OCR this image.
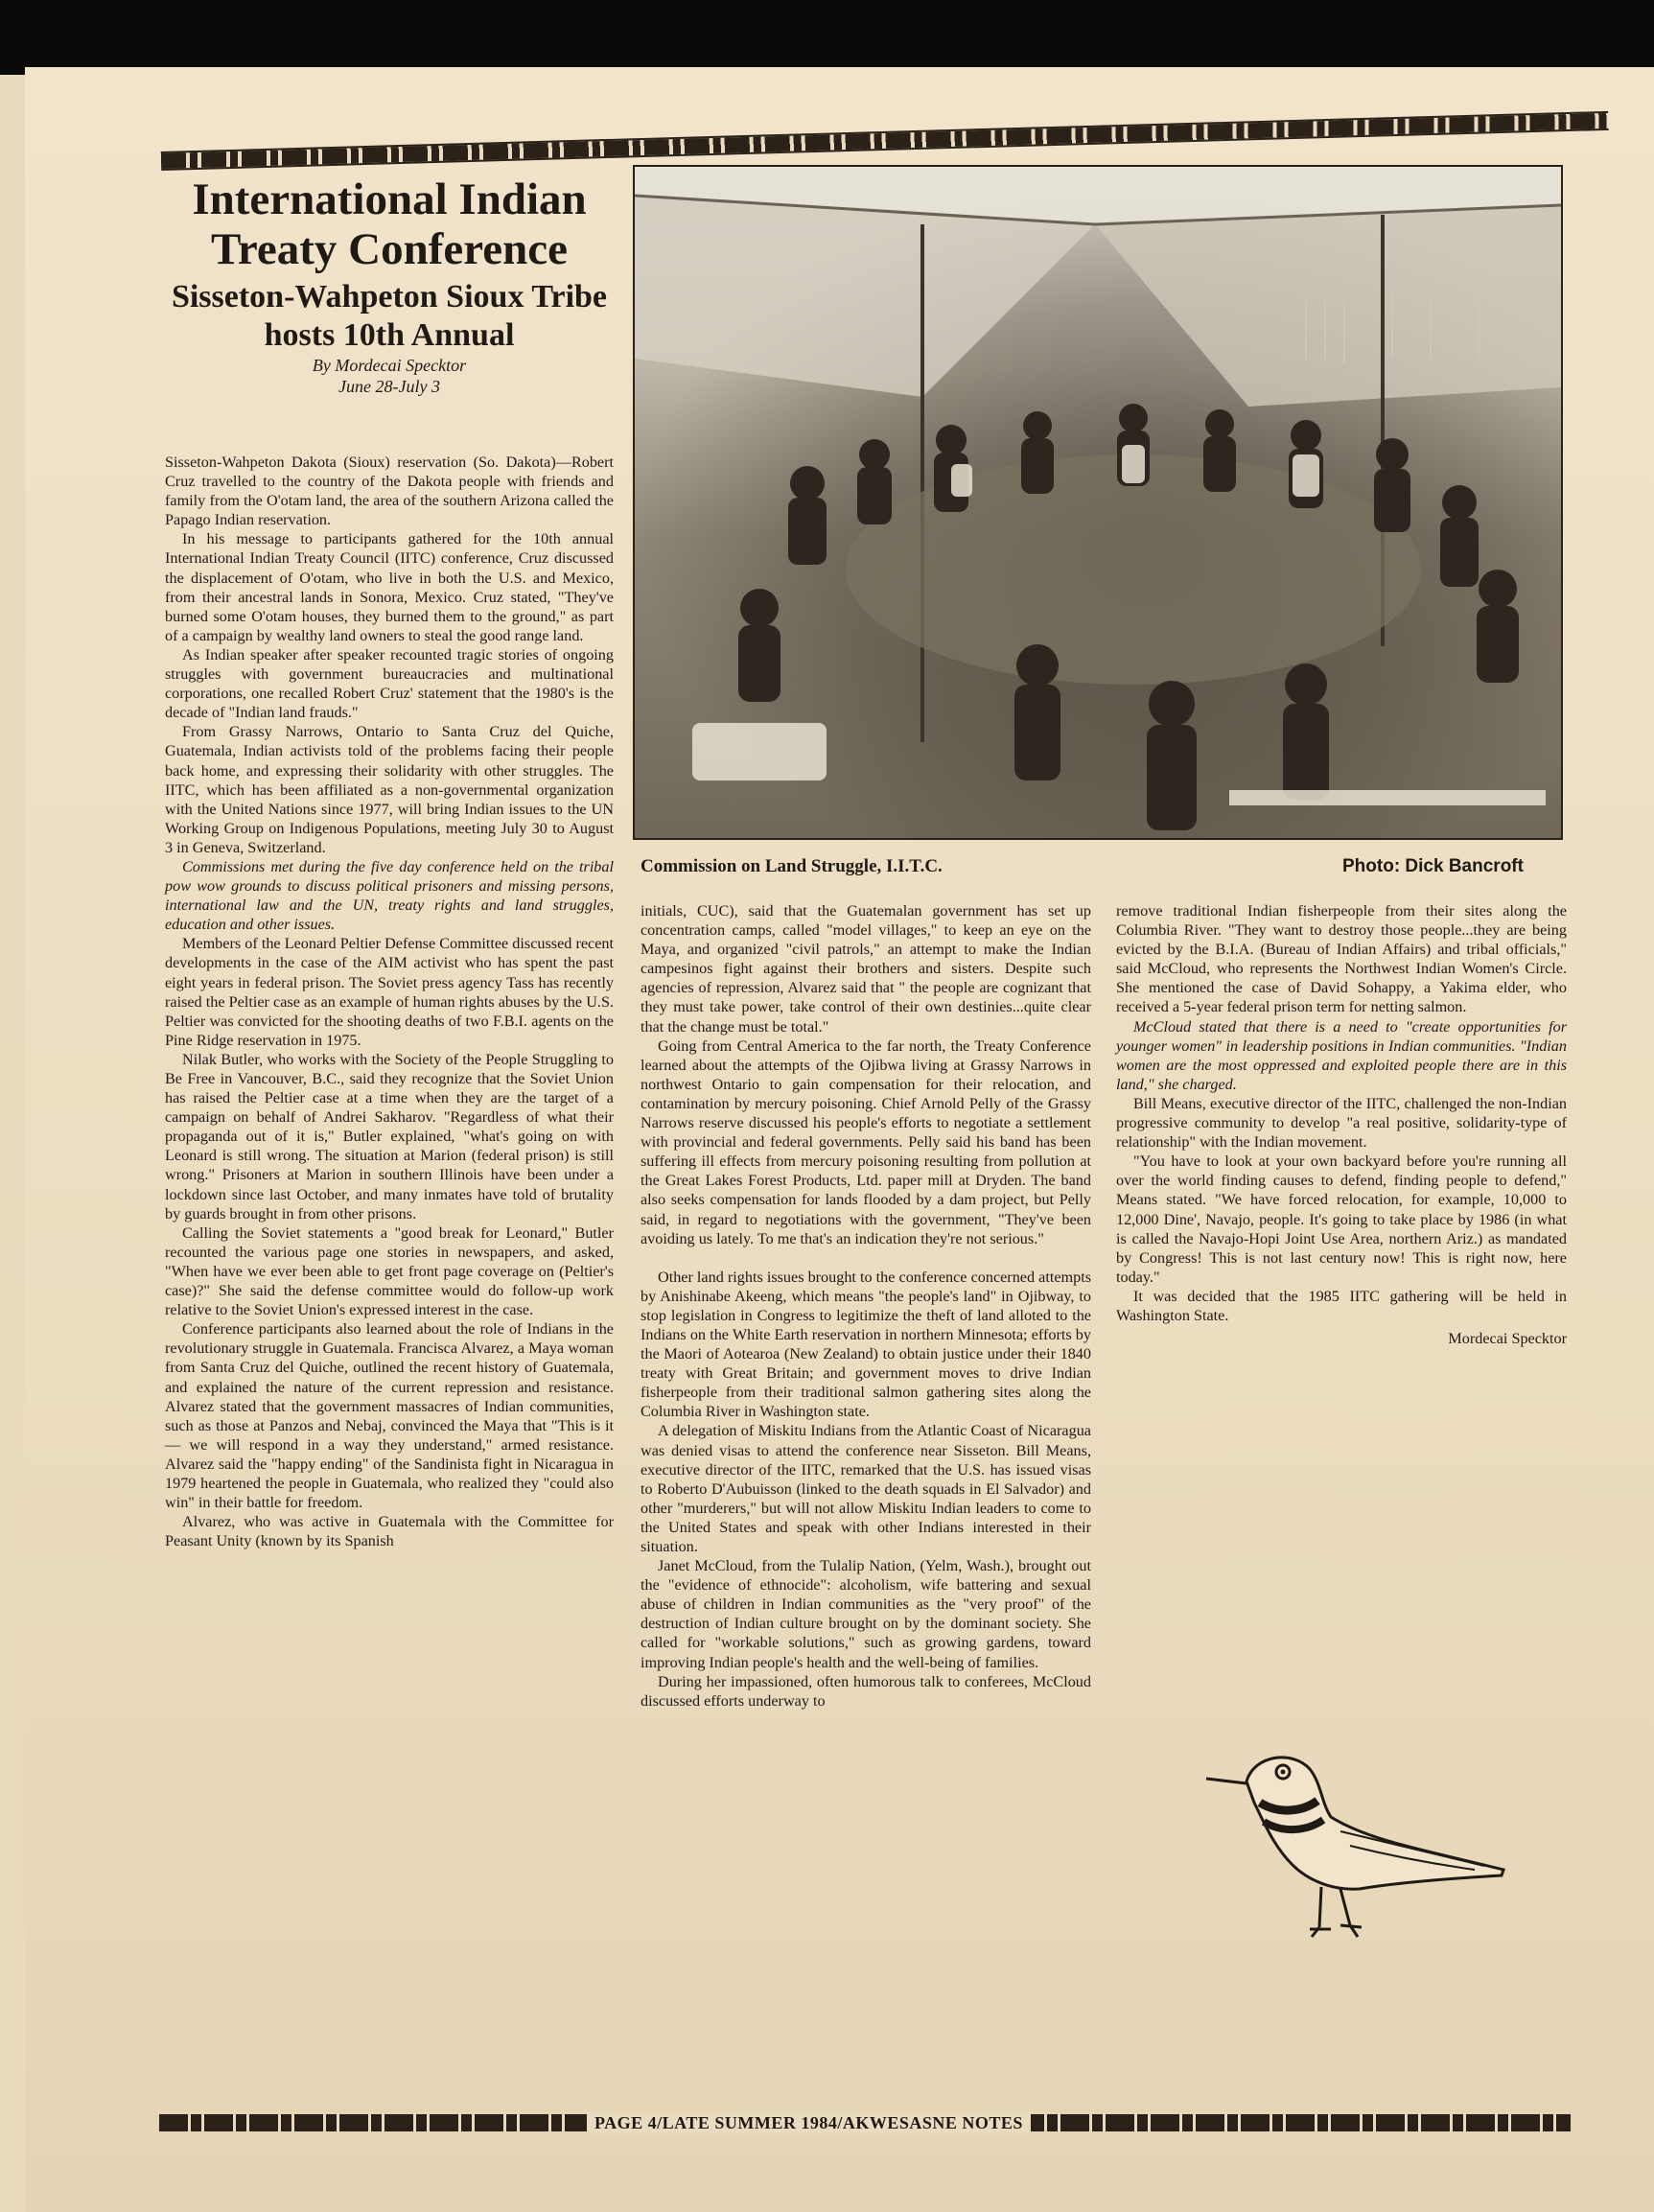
International Indian Treaty Conference
Sisseton-Wahpeton Sioux Tribe hosts 10th Annual
By Mordecai Specktor
June 28-July 3
Commission on Land Struggle, I.I.T.C.	Photo: Dick Bancroft

Sisseton-Wahpeton Dakota (Sioux) reservation (So. Dakota)—Robert Cruz travelled to the country of the Dakota people with friends and family from the O'otam land, the area of the southern Arizona called the Papago Indian reservation.

In his message to participants gathered for the 10th annual International Indian Treaty Council (IITC) conference, Cruz discussed the displacement of O'otam, who live in both the U.S. and Mexico, from their ancestral lands in Sonora, Mexico. Cruz stated, "They've burned some O'otam houses, they burned them to the ground," as part of a campaign by wealthy land owners to steal the good range land.

As Indian speaker after speaker recounted tragic stories of ongoing struggles with government bureaucracies and multinational corporations, one recalled Robert Cruz' statement that the 1980's is the decade of "Indian land frauds."

From Grassy Narrows, Ontario to Santa Cruz del Quiche, Guatemala, Indian activists told of the problems facing their people back home, and expressing their solidarity with other struggles. The IITC, which has been affiliated as a non-governmental organization with the United Nations since 1977, will bring Indian issues to the UN Working Group on Indigenous Populations, meeting July 30 to August 3 in Geneva, Switzerland.

Commissions met during the five day conference held on the tribal pow wow grounds to discuss political prisoners and missing persons, international law and the UN, treaty rights and land struggles, education and other issues.

Members of the Leonard Peltier Defense Committee discussed recent developments in the case of the AIM activist who has spent the past eight years in federal prison. The Soviet press agency Tass has recently raised the Peltier case as an example of human rights abuses by the U.S. Peltier was convicted for the shooting deaths of two F.B.I. agents on the Pine Ridge reservation in 1975.

Nilak Butler, who works with the Society of the People Struggling to Be Free in Vancouver, B.C., said they recognize that the Soviet Union has raised the Peltier case at a time when they are the target of a campaign on behalf of Andrei Sakharov. "Regardless of what their propaganda out of it is," Butler explained, "what's going on with Leonard is still wrong. The situation at Marion (federal prison) is still wrong." Prisoners at Marion in southern Illinois have been under a lockdown since last October, and many inmates have told of brutality by guards brought in from other prisons.

Calling the Soviet statements a "good break for Leonard," Butler recounted the various page one stories in newspapers, and asked, "When have we ever been able to get front page coverage on (Peltier's case)?" She said the defense committee would do follow-up work relative to the Soviet Union's expressed interest in the case.

Conference participants also learned about the role of Indians in the revolutionary struggle in Guatemala. Francisca Alvarez, a Maya woman from Santa Cruz del Quiche, outlined the recent history of Guatemala, and explained the nature of the current repression and resistance. Alvarez stated that the government massacres of Indian communities, such as those at Panzos and Nebaj, convinced the Maya that "This is it— we will respond in a way they understand," armed resistance. Alvarez said the "happy ending" of the Sandinista fight in Nicaragua in 1979 heartened the people in Guatemala, who realized they "could also win" in their battle for freedom.

Alvarez, who was active in Guatemala with the Committee for Peasant Unity (known by its Spanish

initials, CUC), said that the Guatemalan government has set up concentration camps, called "model villages," to keep an eye on the Maya, and organized "civil patrols," an attempt to make the Indian campesinos fight against their brothers and sisters. Despite such agencies of repression, Alvarez said that " the people are cognizant that they must take power, take control of their own destinies...quite clear that the change must be total."

Going from Central America to the far north, the Treaty Conference learned about the attempts of the Ojibwa living at Grassy Narrows in northwest Ontario to gain compensation for their relocation, and contamination by mercury poisoning. Chief Arnold Pelly of the Grassy Narrows reserve discussed his people's efforts to negotiate a settlement with provincial and federal governments. Pelly said his band has been suffering ill effects from mercury poisoning resulting from pollution at the Great Lakes Forest Products, Ltd. paper mill at Dryden. The band also seeks compensation for lands flooded by a dam project, but Pelly said, in regard to negotiations with the government, "They've been avoiding us lately. To me that's an indication they're not serious."

Other land rights issues brought to the conference concerned attempts by Anishinabe Akeeng, which means "the people's land" in Ojibway, to stop legislation in Congress to legitimize the theft of land alloted to the Indians on the White Earth reservation in northern Minnesota; efforts by the Maori of Aotearoa (New Zealand) to obtain justice under their 1840 treaty with Great Britain; and government moves to drive Indian fisherpeople from their traditional salmon gathering sites along the Columbia River in Washington state.

A delegation of Miskitu Indians from the Atlantic Coast of Nicaragua was denied visas to attend the conference near Sisseton. Bill Means, executive director of the IITC, remarked that the U.S. has issued visas to Roberto D'Aubuisson (linked to the death squads in El Salvador) and other "murderers," but will not allow Miskitu Indian leaders to come to the United States and speak with other Indians interested in their situation.

Janet McCloud, from the Tulalip Nation, (Yelm, Wash.), brought out the "evidence of ethnocide": alcoholism, wife battering and sexual abuse of children in Indian communities as the "very proof" of the destruction of Indian culture brought on by the dominant society. She called for "workable solutions," such as growing gardens, toward improving Indian people's health and the well-being of families.

During her impassioned, often humorous talk to conferees, McCloud discussed efforts underway to

remove traditional Indian fisherpeople from their sites along the Columbia River. "They want to destroy those people...they are being evicted by the B.I.A. (Bureau of Indian Affairs) and tribal officials," said McCloud, who represents the Northwest Indian Women's Circle. She mentioned the case of David Sohappy, a Yakima elder, who received a 5-year federal prison term for netting salmon.

McCloud stated that there is a need to "create opportunities for younger women" in leadership positions in Indian communities. "Indian women are the most oppressed and exploited people there are in this land," she charged.

Bill Means, executive director of the IITC, challenged the non-Indian progressive community to develop "a real positive, solidarity-type of relationship" with the Indian movement.

"You have to look at your own backyard before you're running all over the world finding causes to defend, finding people to defend," Means stated. "We have forced relocation, for example, 10,000 to 12,000 Dine', Navajo, people. It's going to take place by 1986 (in what is called the Navajo-Hopi Joint Use Area, northern Ariz.) as mandated by Congress! This is not last century now! This is right now, here today."

It was decided that the 1985 IITC gathering will be held in Washington State.

Mordecai Specktor

PAGE 4/LATE SUMMER 1984/AKWESASNE NOTES
